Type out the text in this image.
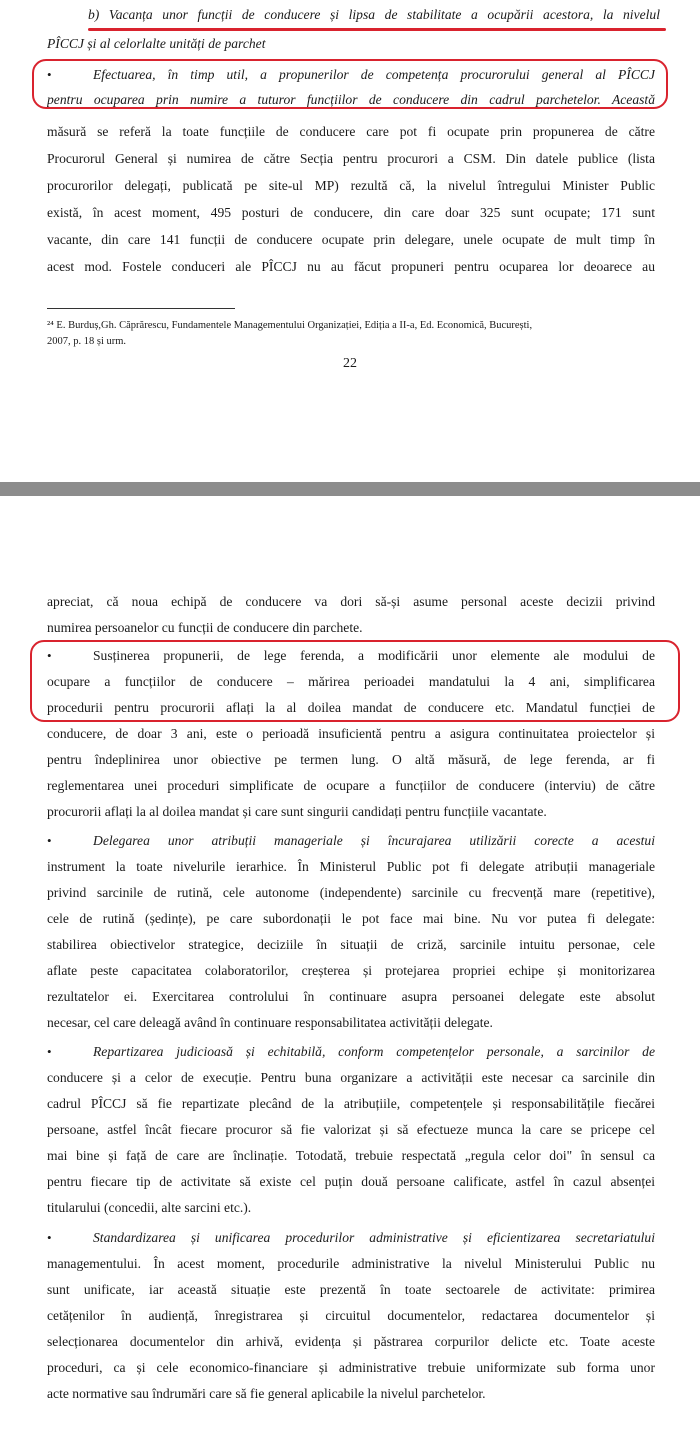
b) Vacanța unor funcții de conducere și lipsa de stabilitate a ocupării acestora, la nivelul
PÎCCJ și al celorlalte unități de parchet
•	Efectuarea, în timp util, a propunerilor de competența procurorului general al PÎCCJ
pentru ocuparea prin numire a tuturor funcțiilor de conducere din cadrul parchetelor. Această
măsură se referă la toate funcțiile de conducere care pot fi ocupate prin propunerea de către
Procurorul General și numirea de către Secția pentru procurori a CSM. Din datele publice (lista
procurorilor delegați, publicată pe site-ul MP) rezultă că, la nivelul întregului Minister Public
există, în acest moment, 495 posturi de conducere, din care doar 325 sunt ocupate; 171 sunt
vacante, din care 141 funcții de conducere ocupate prin delegare, unele ocupate de mult timp în
acest mod. Fostele conduceri ale PÎCCJ nu au făcut propuneri pentru ocuparea lor deoarece au
²⁴ E. Burduș,Gh. Căprărescu, Fundamentele Managementului Organizației, Ediția a II-a, Ed. Economică, București,
2007, p. 18 și urm.
22
apreciat, că noua echipă de conducere va dori să-și asume personal aceste decizii privind
numirea persoanelor cu funcții de conducere din parchete.
•	Susținerea propunerii, de lege ferenda, a modificării unor elemente ale modului de
ocupare a funcțiilor de conducere – mărirea perioadei mandatului la 4 ani, simplificarea
procedurii pentru procurorii aflați la al doilea mandat de conducere etc. Mandatul funcției de
conducere, de doar 3 ani, este o perioadă insuficientă pentru a asigura continuitatea proiectelor și
pentru îndeplinirea unor obiective pe termen lung. O altă măsură, de lege ferenda, ar fi
reglementarea unei proceduri simplificate de ocupare a funcțiilor de conducere (interviu) de către
procurorii aflați la al doilea mandat și care sunt singurii candidați pentru funcțiile vacantate.
•	Delegarea unor atribuții manageriale și încurajarea utilizării corecte a acestui
instrument la toate nivelurile ierarhice. În Ministerul Public pot fi delegate atribuții manageriale
privind sarcinile de rutină, cele autonome (independente) sarcinile cu frecvență mare (repetitive),
cele de rutină (ședințe), pe care subordonații le pot face mai bine. Nu vor putea fi delegate:
stabilirea obiectivelor strategice, deciziile în situații de criză, sarcinile intuitu personae, cele
aflate peste capacitatea colaboratorilor, creșterea și protejarea propriei echipe și monitorizarea
rezultatelor ei. Exercitarea controlului în continuare asupra persoanei delegate este absolut
necesar, cel care deleagă având în continuare responsabilitatea activității delegate.
•	Repartizarea judicioasă și echitabilă, conform competențelor personale, a sarcinilor de
conducere și a celor de execuție. Pentru buna organizare a activității este necesar ca sarcinile din
cadrul PÎCCJ să fie repartizate plecând de la atribuțiile, competențele și responsabilitățile fiecărei
persoane, astfel încât fiecare procuror să fie valorizat și să efectueze munca la care se pricepe cel
mai bine și față de care are înclinație. Totodată, trebuie respectată „regula celor doi" în sensul ca
pentru fiecare tip de activitate să existe cel puțin două persoane calificate, astfel în cazul absenței
titularului (concedii, alte sarcini etc.).
•	Standardizarea și unificarea procedurilor administrative și eficientizarea secretariatului
managementului. În acest moment, procedurile administrative la nivelul Ministerului Public nu
sunt unificate, iar această situație este prezentă în toate sectoarele de activitate: primirea
cetățenilor în audiență, înregistrarea și circuitul documentelor, redactarea documentelor și
selecționarea documentelor din arhivă, evidența și păstrarea corpurilor delicte etc. Toate aceste
proceduri, ca și cele economico-financiare și administrative trebuie uniformizate sub forma unor
acte normative sau îndrumări care să fie general aplicabile la nivelul parchetelor.
